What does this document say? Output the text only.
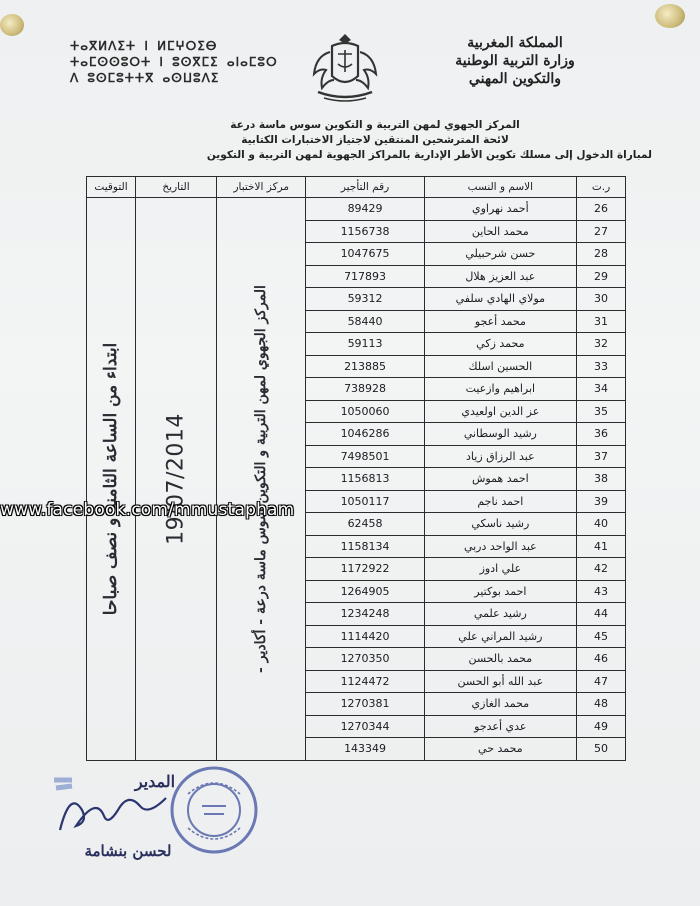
ⵜⴰⴳⵍⴷⵉⵜ ⵏ ⵍⵎⵖⵔⵉⴱ
ⵜⴰⵎⵙⵙⵓⵔⵜ ⵏ ⵓⵙⴳⵎⵉ ⴰⵏⴰⵎⵓⵔ
ⴷ ⵓⵙⵎⵓⵜⵜⴳ ⴰⵙⵡⵓⴷⵉ
المملكة المغربية
وزارة التربية الوطنية
والتكوين المهني
المركز الجهوي لمهن التربية و التكوين سوس ماسة درعة
لائحة المترشحين المنتقين لاجتياز الاختبارات الكتابية
لمباراة الدخول إلى مسلك تكوين الأطر الإدارية بالمراكز الجهوية لمهن التربية و التكوين
ر.ت	الاسم و النسب	رقم التأجير	مركز الاختبار	التاريخ	التوقيت
26	أحمد نهراوي	89429	المركز الجهوي لمهن التربية و التكوين سوس ماسة درعة - أكادير -	19/07/2014	ابتداء من الساعة الثامنة و نصف صباحا

27	محمد الحاين	1156738			
28	حسن شرحبيلي	1047675			
29	عبد العزيز هلال	717893			
30	مولاي الهادي سلفي	59312			
31	محمد أعجو	58440			
32	محمد زكي	59113			
33	الحسين اسلك	213885			
34	ابراهيم وازعيت	738928			
35	عز الدين اولعيدي	1050060			
36	رشيد الوسطاني	1046286			
37	عبد الرزاق زياد	7498501			
38	احمد هموش	1156813			
39	احمد ناجم	1050117			
40	رشيد ناسكي	62458			
41	عبد الواحد دربي	1158134			
42	علي ادوز	1172922			
43	احمد بوكتير	1264905			
44	رشيد علمي	1234248			
45	رشيد المراني علي	1114420			
46	محمد بالحسن	1270350			
47	عبد الله أبو الحسن	1124472			
48	محمد الغازي	1270381			
49	عدي أعدجو	1270344			
50	محمد حي	143349			
www.facebook.com/mmustapham
المدير
لحسن بنشامة
